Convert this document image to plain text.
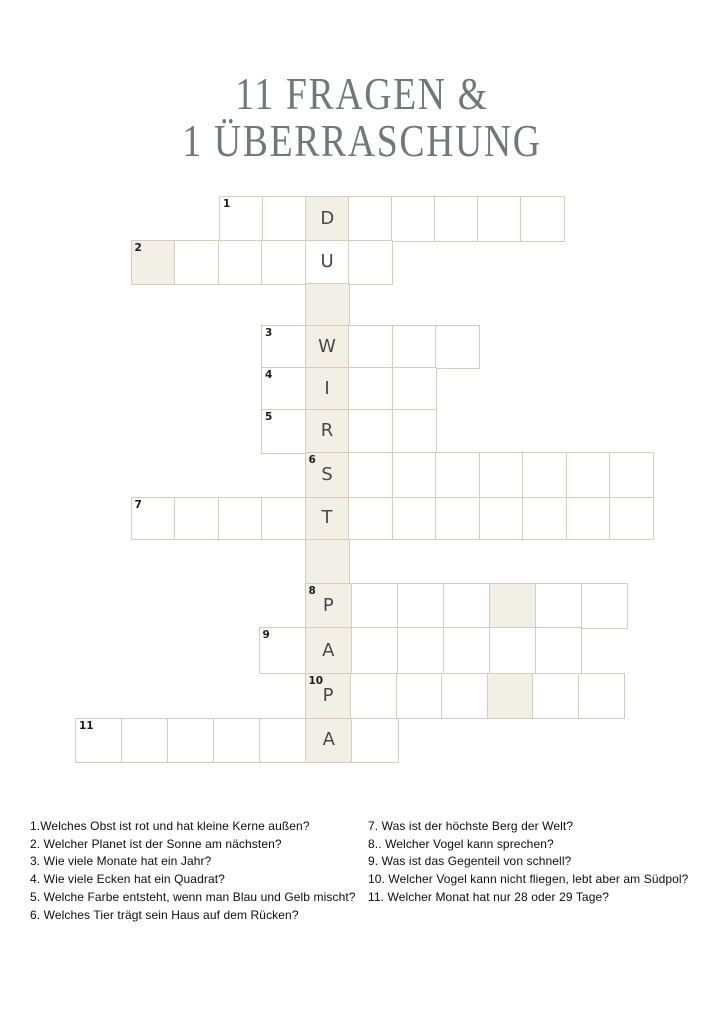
11 FRAGEN &
1 ÜBERRASCHUNG
1
D
2
U
3
W
4
I
5
R
6
S
7
T
8
P
9
A
10
P
11
A

1.Welches Obst ist rot und hat kleine Kerne außen?

2. Welcher Planet ist der Sonne am nächsten?

3. Wie viele Monate hat ein Jahr?

4. Wie viele Ecken hat ein Quadrat?

5. Welche Farbe entsteht, wenn man Blau und Gelb mischt?

6. Welches Tier trägt sein Haus auf dem Rücken?

7. Was ist der höchste Berg der Welt?

8.. Welcher Vogel kann sprechen?

9. Was ist das Gegenteil von schnell?

10. Welcher Vogel kann nicht fliegen, lebt aber am Südpol?

11. Welcher Monat hat nur 28 oder 29 Tage?
